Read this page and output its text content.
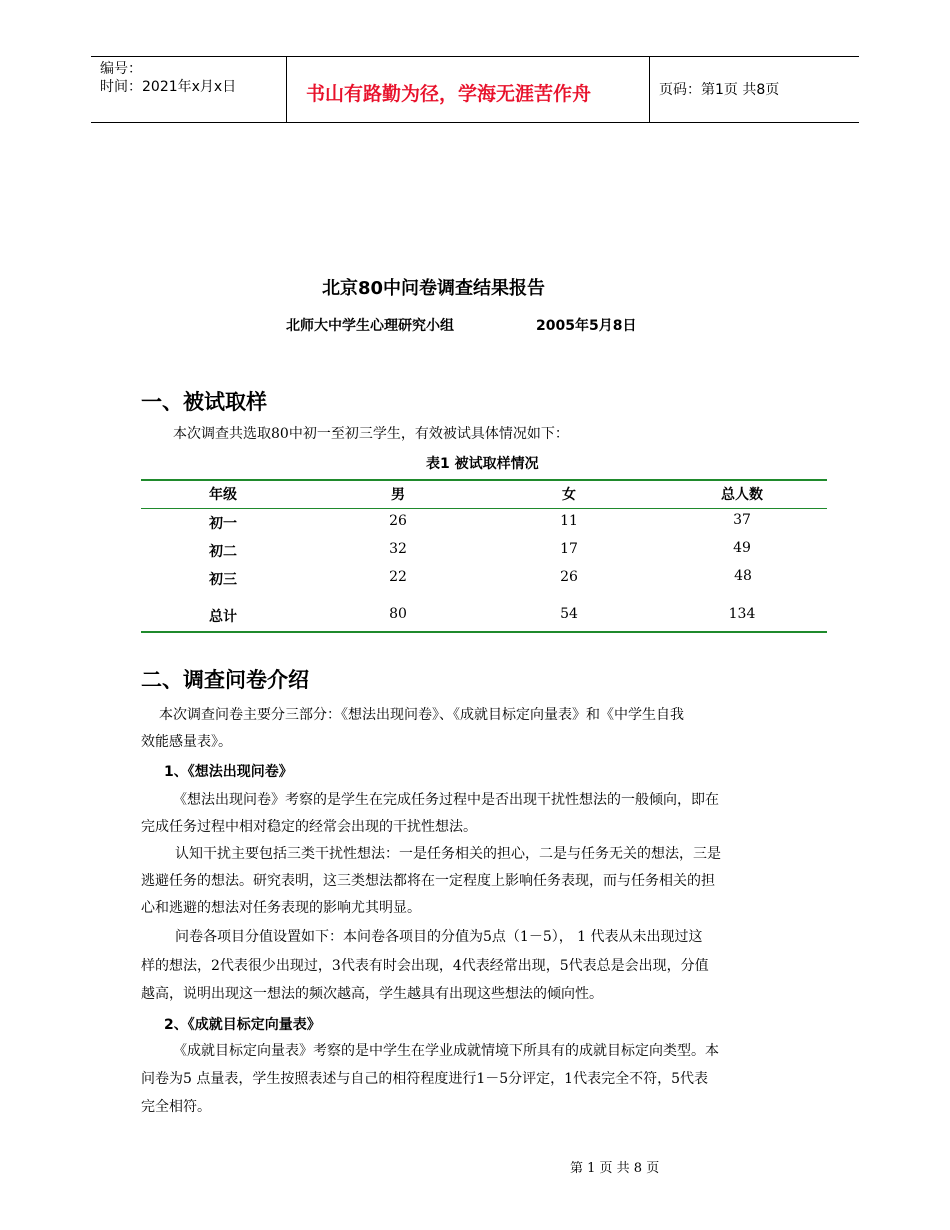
编号：
时间：2021年x月x日	书山有路勤为径，学海无涯苦作舟	页码：第1页 共8页
北京80中问卷调查结果报告
北师大中学生心理研究小组	2005年5月8日
一、被试取样
本次调查共选取80中初一至初三学生，有效被试具体情况如下：
表1 被试取样情况
年级	男	女	总人数
初一	26	11	37
初二	32	17	49
初三	22	26	48
总计	80	54	134
二、调查问卷介绍
本次调查问卷主要分三部分：《想法出现问卷》、《成就目标定向量表》和《中学生自我
效能感量表》。
1、《想法出现问卷》
《想法出现问卷》考察的是学生在完成任务过程中是否出现干扰性想法的一般倾向，即在
完成任务过程中相对稳定的经常会出现的干扰性想法。
认知干扰主要包括三类干扰性想法：一是任务相关的担心，二是与任务无关的想法，三是
逃避任务的想法。研究表明，这三类想法都将在一定程度上影响任务表现，而与任务相关的担
心和逃避的想法对任务表现的影响尤其明显。
问卷各项目分值设置如下：本问卷各项目的分值为5点（1－5）， 1 代表从未出现过这
样的想法，2代表很少出现过，3代表有时会出现，4代表经常出现，5代表总是会出现，分值
越高，说明出现这一想法的频次越高，学生越具有出现这些想法的倾向性。
2、《成就目标定向量表》
《成就目标定向量表》考察的是中学生在学业成就情境下所具有的成就目标定向类型。本
问卷为5 点量表，学生按照表述与自己的相符程度进行1－5分评定，1代表完全不符，5代表
完全相符。
第 1 页 共 8 页
